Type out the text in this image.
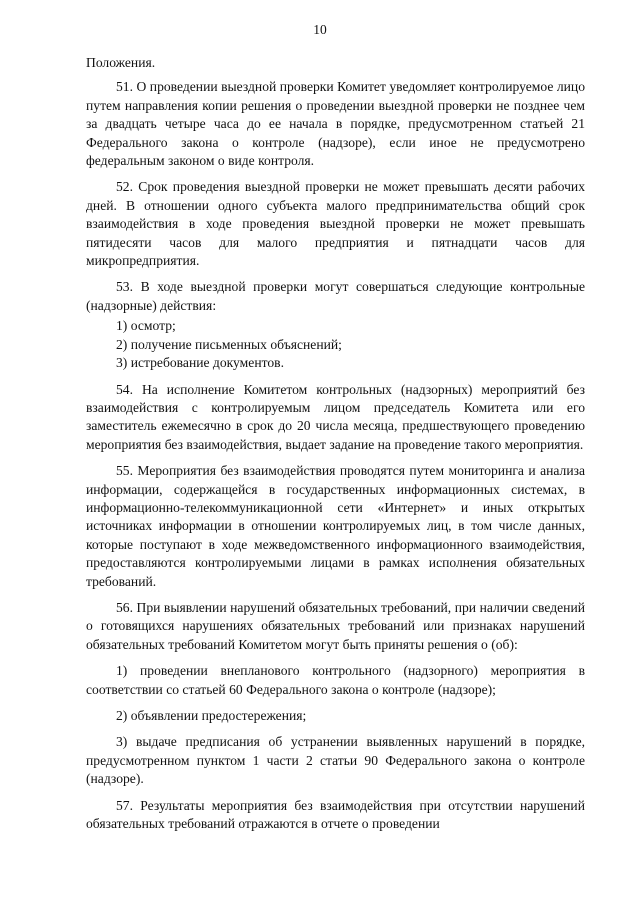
10

Положения.

51. О проведении выездной проверки Комитет уведомляет контролируемое лицо путем направления копии решения о проведении выездной проверки не позднее чем за двадцать четыре часа до ее начала в порядке, предусмотренном статьей 21 Федерального закона о контроле (надзоре), если иное не предусмотрено федеральным законом о виде контроля.

52. Срок проведения выездной проверки не может превышать десяти рабочих дней. В отношении одного субъекта малого предпринимательства общий срок взаимодействия в ходе проведения выездной проверки не может превышать пятидесяти часов для малого предприятия и пятнадцати часов для микропредприятия.

53. В ходе выездной проверки могут совершаться следующие контрольные (надзорные) действия:

1) осмотр;
2) получение письменных объяснений;
3) истребование документов.

54. На исполнение Комитетом контрольных (надзорных) мероприятий без взаимодействия с контролируемым лицом председатель Комитета или его заместитель ежемесячно в срок до 20 числа месяца, предшествующего проведению мероприятия без взаимодействия, выдает задание на проведение такого мероприятия.

55. Мероприятия без взаимодействия проводятся путем мониторинга и анализа информации, содержащейся в государственных информационных системах, в информационно-телекоммуникационной сети «Интернет» и иных открытых источниках информации в отношении контролируемых лиц, в том числе данных, которые поступают в ходе межведомственного информационного взаимодействия, предоставляются контролируемыми лицами в рамках исполнения обязательных требований.

56. При выявлении нарушений обязательных требований, при наличии сведений о готовящихся нарушениях обязательных требований или признаках нарушений обязательных требований Комитетом могут быть приняты решения о (об):

1) проведении внепланового контрольного (надзорного) мероприятия в соответствии со статьей 60 Федерального закона о контроле (надзоре);

2) объявлении предостережения;

3) выдаче предписания об устранении выявленных нарушений в порядке, предусмотренном пунктом 1 части 2 статьи 90 Федерального закона о контроле (надзоре).

57. Результаты мероприятия без взаимодействия при отсутствии нарушений обязательных требований отражаются в отчете о проведении
